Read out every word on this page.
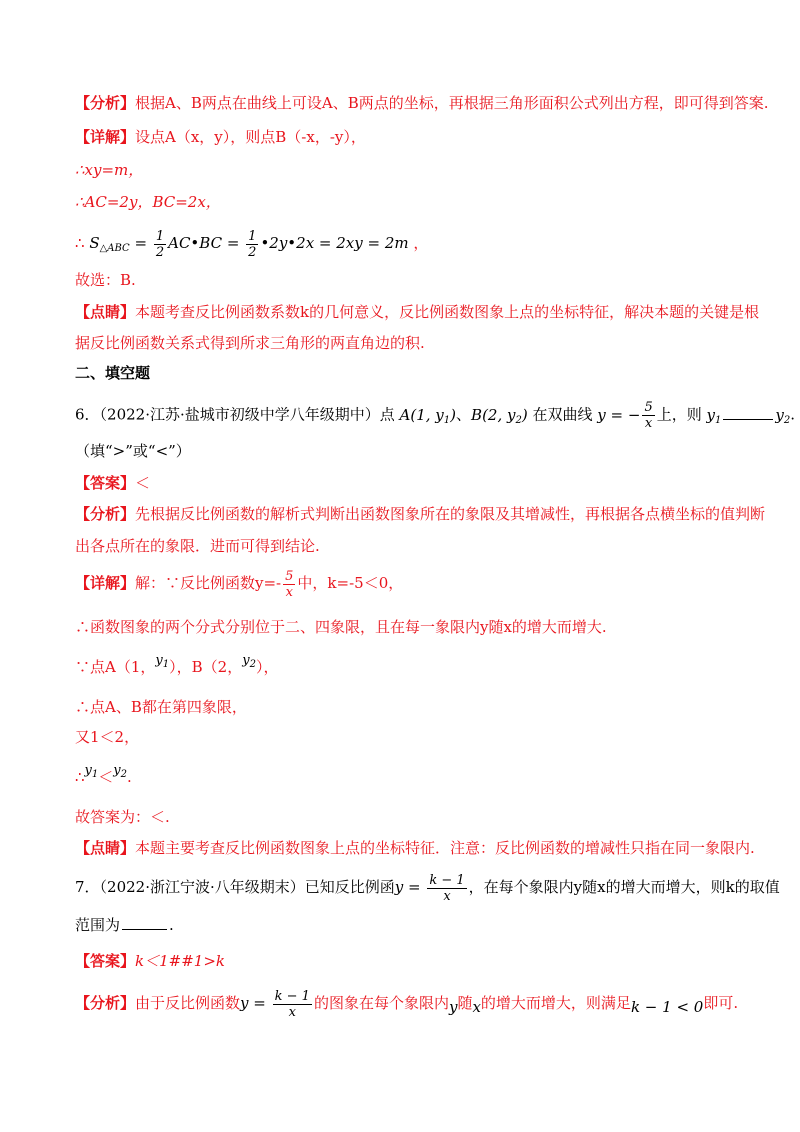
【分析】根据A、B两点在曲线上可设A、B两点的坐标，再根据三角形面积公式列出方程，即可得到答案.
【详解】设点A（x，y），则点B（-x，-y），
∴xy=m，
∴AC=2y，BC=2x，
∴ $S_{\triangle ABC} = \frac{1}{2}$ AC•BC = $\frac{1}{2}$ •2y•2x = 2xy = 2m ，
故选：B.
【点睛】本题考查反比例函数系数k的几何意义，反比例函数图象上点的坐标特征，解决本题的关键是根
据反比例函数关系式得到所求三角形的两直角边的积.
二、填空题
6．（2022·江苏·盐城市初级中学八年级期中）点 A(1, $y_1$)、B(2, $y_2$) 在双曲线 y = − $\frac{5}{x}$ 上，则 $y_1$	$y_2$.
（填“>”或“<”）
【答案】＜
【分析】先根据反比例函数的解析式判断出函数图象所在的象限及其增减性，再根据各点横坐标的值判断
出各点所在的象限．进而可得到结论.
【详解】解：∵反比例函数$y=- \frac{5}{x}$ 中，k=-5＜0，
∴函数图象的两个分式分别位于二、四象限，且在每一象限内y随x的增大而增大.
∵点A（1，$y_1$），B（2，$y_2$），
∴点A、B都在第四象限，
又1＜2，
$\therefore y_1<y_2$.
故答案为：＜.
【点睛】本题主要考查反比例函数图象上点的坐标特征．注意：反比例函数的增减性只指在同一象限内.
7．（2022·浙江宁波·八年级期末）已知反比例函$y = \frac{k - 1}{x}$ ，在每个象限内y随x的增大而增大，则k的取值
范围为	.
【答案】k＜1##1>k
【分析】由于反比例函数$y = \frac{k - 1}{x}$ 的图象在每个象限内y随x的增大而增大，则满足k − 1 < 0即可.
